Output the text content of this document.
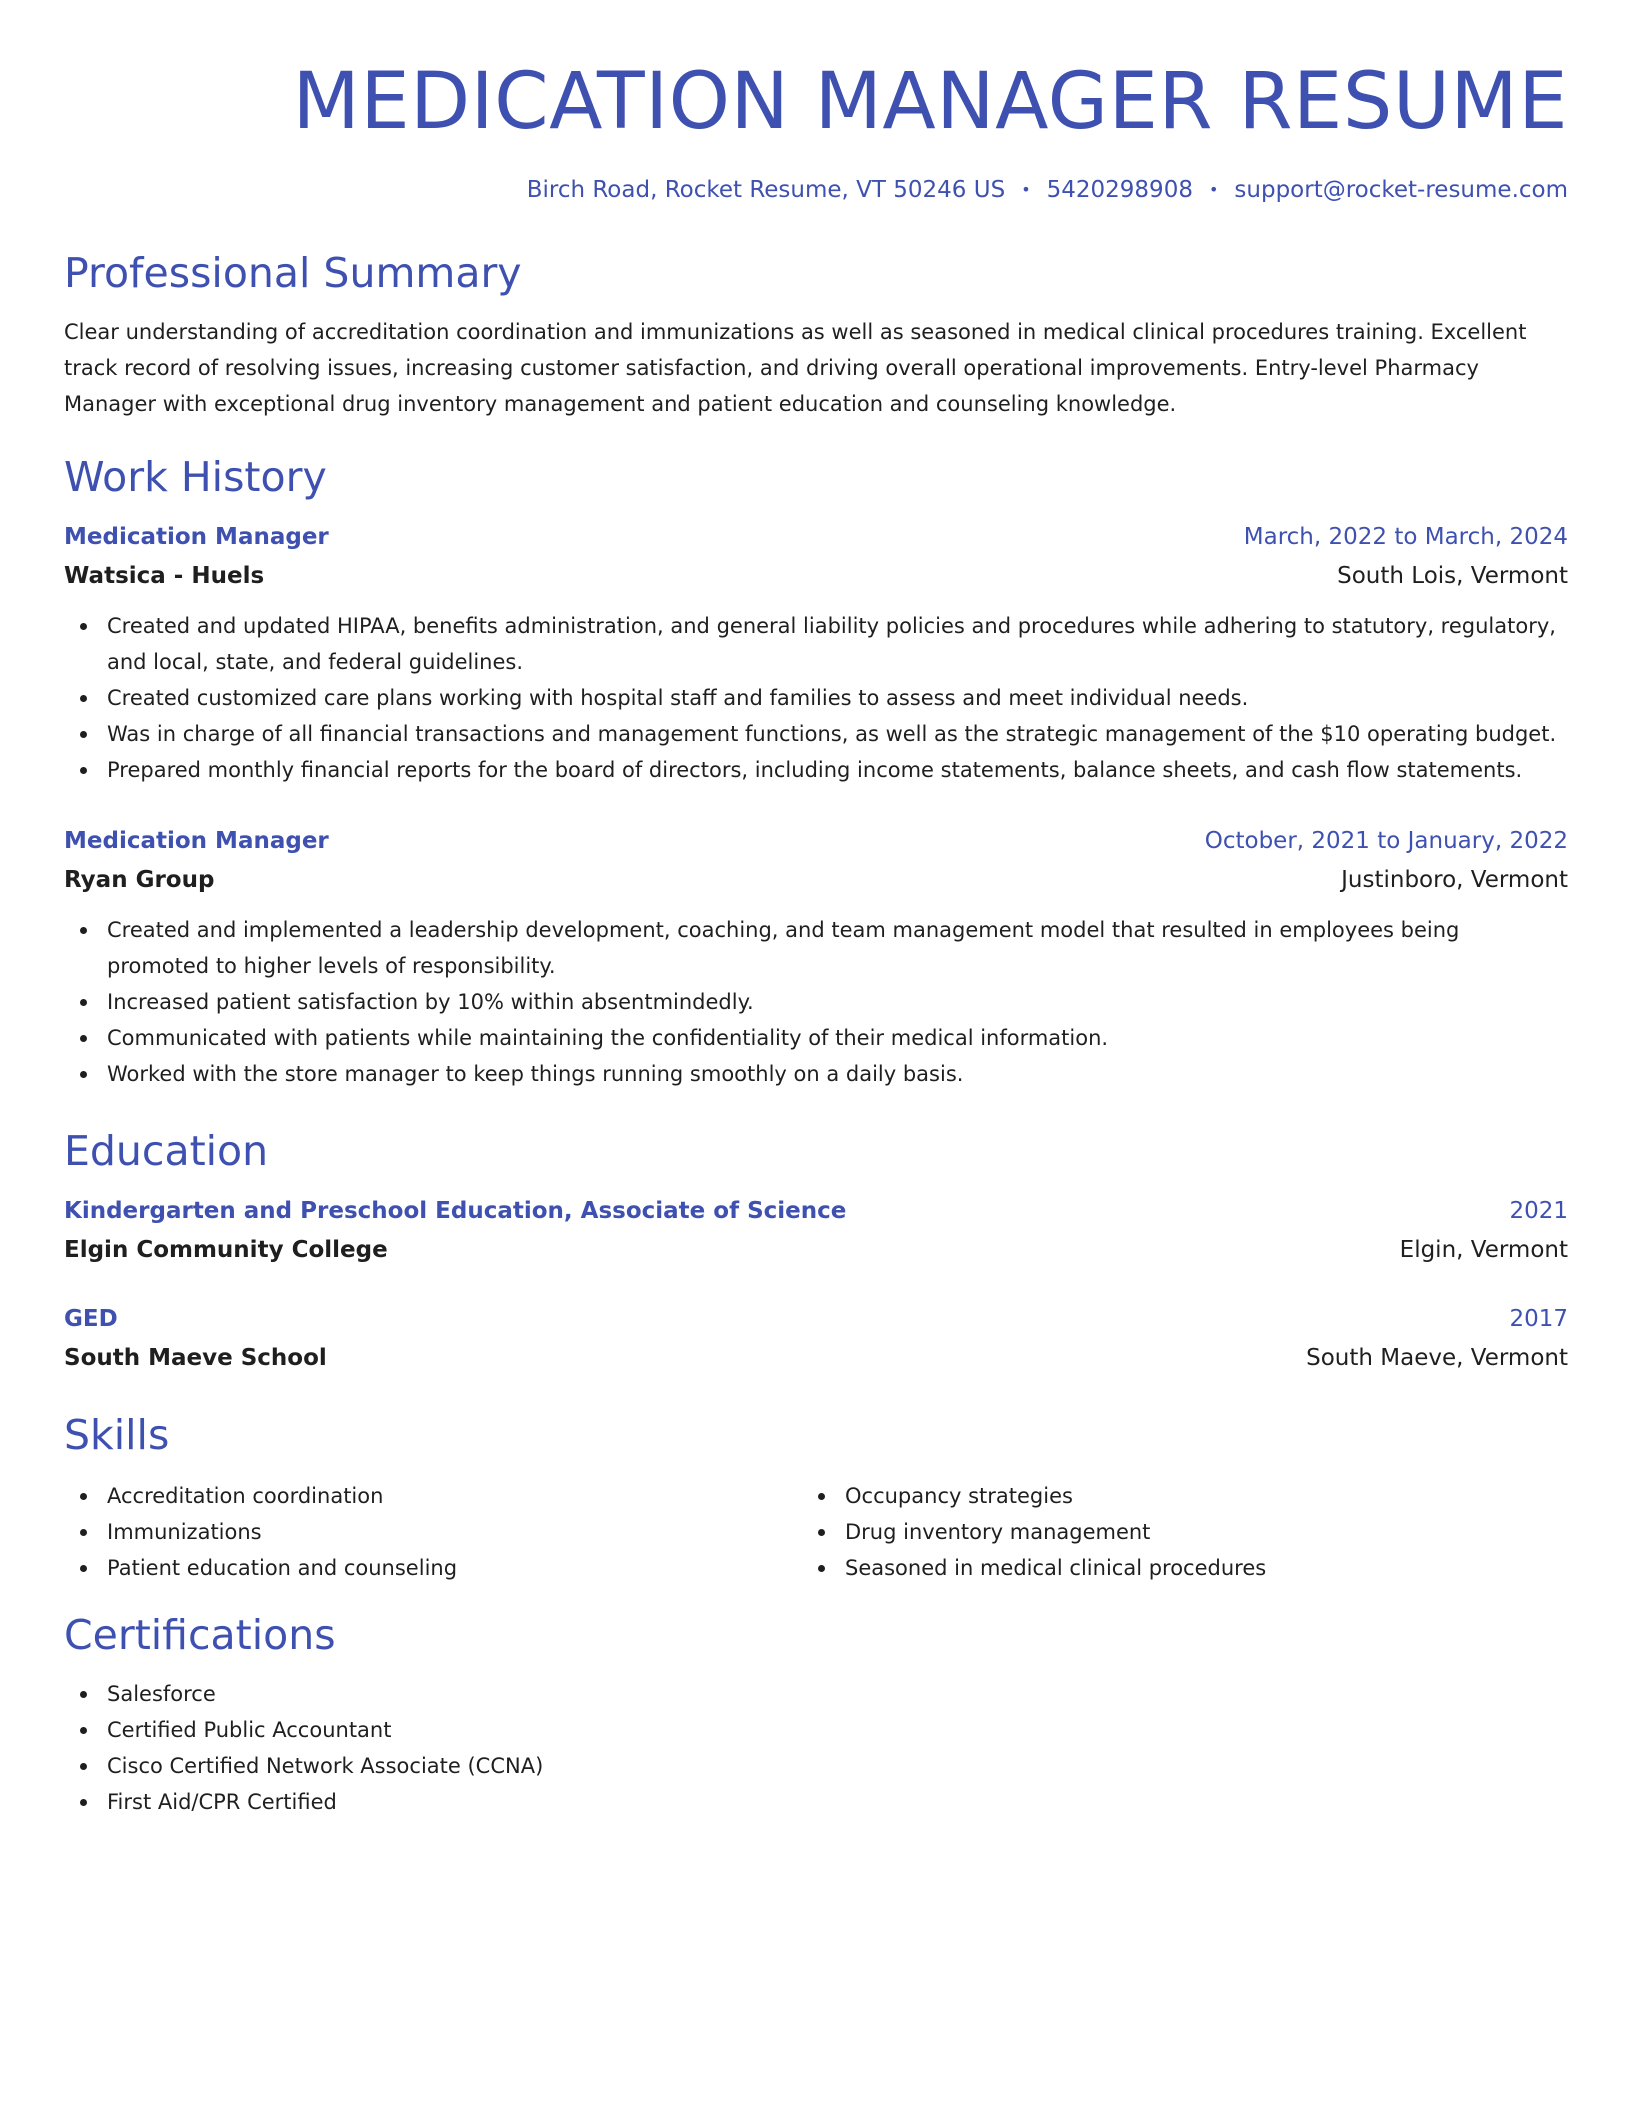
MEDICATION MANAGER RESUME
Birch Road, Rocket Resume, VT 50246 US • 5420298908 • support@rocket-resume.com
Professional Summary

Clear understanding of accreditation coordination and immunizations as well as seasoned in medical clinical procedures training. Excellent track record of resolving issues, increasing customer satisfaction, and driving overall operational improvements. Entry-level Pharmacy Manager with exceptional drug inventory management and patient education and counseling knowledge.

Work History
Medication Manager	March, 2022 to March, 2024
Watsica - Huels	South Lois, Vermont
Created and updated HIPAA, benefits administration, and general liability policies and procedures while adhering to statutory, regulatory, and local, state, and federal guidelines.
Created customized care plans working with hospital staff and families to assess and meet individual needs.
Was in charge of all financial transactions and management functions, as well as the strategic management of the $10 operating budget.
Prepared monthly financial reports for the board of directors, including income statements, balance sheets, and cash flow statements.
Medication Manager	October, 2021 to January, 2022
Ryan Group	Justinboro, Vermont
Created and implemented a leadership development, coaching, and team management model that resulted in employees being promoted to higher levels of responsibility.
Increased patient satisfaction by 10% within absentmindedly.
Communicated with patients while maintaining the confidentiality of their medical information.
Worked with the store manager to keep things running smoothly on a daily basis.
Education
Kindergarten and Preschool Education, Associate of Science	2021
Elgin Community College	Elgin, Vermont
GED	2017
South Maeve School	South Maeve, Vermont
Skills
Accreditation coordination
Immunizations
Patient education and counseling
Occupancy strategies
Drug inventory management
Seasoned in medical clinical procedures
Certifications
Salesforce
Certified Public Accountant
Cisco Certified Network Associate (CCNA)
First Aid/CPR Certified
